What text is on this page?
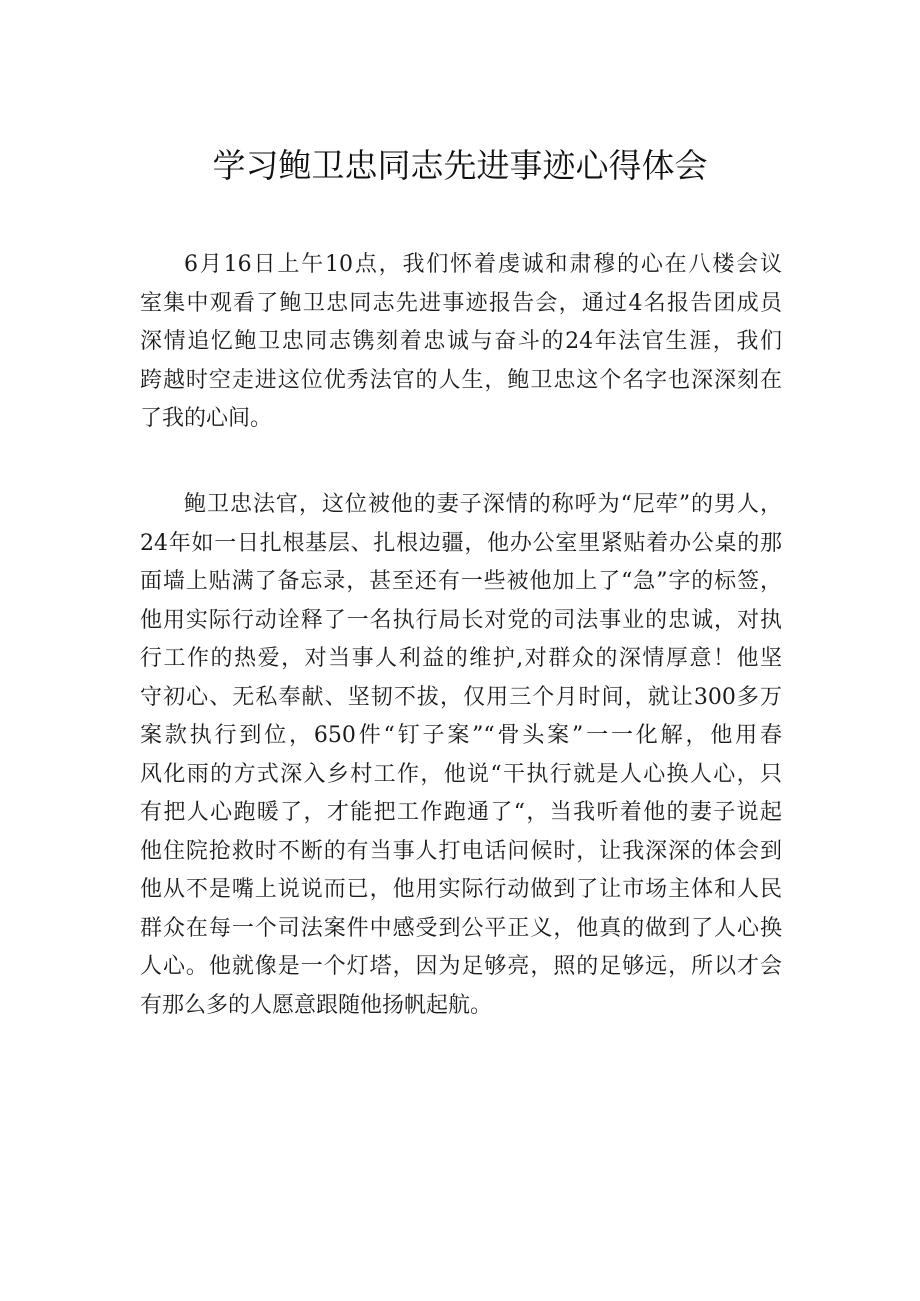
学习鲍卫忠同志先进事迹心得体会
6月16日上午10点，我们怀着虔诚和肃穆的心在八楼会议
室集中观看了鲍卫忠同志先进事迹报告会，通过4名报告团成员
深情追忆鲍卫忠同志镌刻着忠诚与奋斗的24年法官生涯，我们
跨越时空走进这位优秀法官的人生，鲍卫忠这个名字也深深刻在
了我的心间。
鲍卫忠法官，这位被他的妻子深情的称呼为“尼荦”的男人，
24年如一日扎根基层、扎根边疆，他办公室里紧贴着办公桌的那
面墙上贴满了备忘录，甚至还有一些被他加上了“急”字的标签，
他用实际行动诠释了一名执行局长对党的司法事业的忠诚，对执
行工作的热爱，对当事人利益的维护,对群众的深情厚意！他坚
守初心、无私奉献、坚韧不拔，仅用三个月时间，就让300多万
案款执行到位，650件“钉子案”“骨头案”一一化解，他用春
风化雨的方式深入乡村工作，他说“干执行就是人心换人心，只
有把人心跑暖了，才能把工作跑通了“，当我听着他的妻子说起
他住院抢救时不断的有当事人打电话问候时，让我深深的体会到
他从不是嘴上说说而已，他用实际行动做到了让市场主体和人民
群众在每一个司法案件中感受到公平正义，他真的做到了人心换
人心。他就像是一个灯塔，因为足够亮，照的足够远，所以才会
有那么多的人愿意跟随他扬帆起航。
